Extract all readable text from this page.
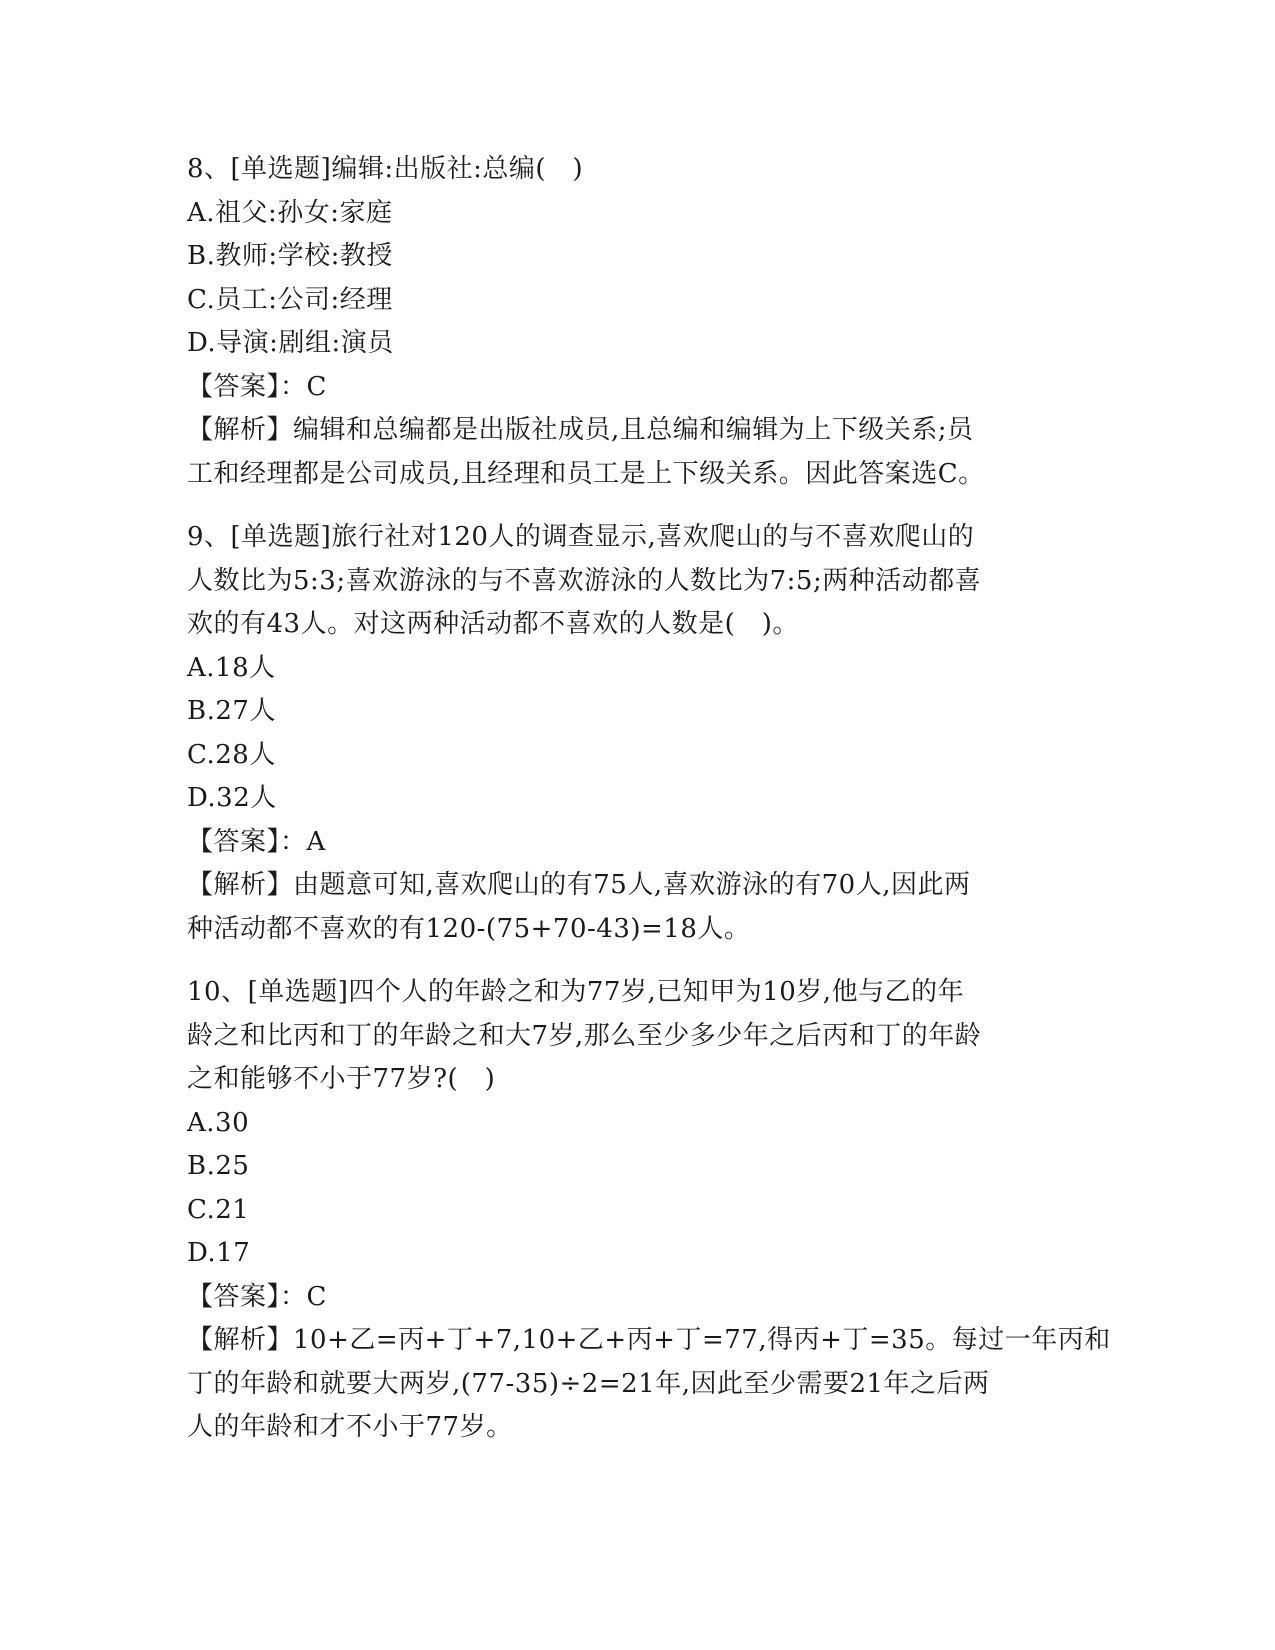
8、[单选题]编辑:出版社:总编(　)
A.祖父:孙女:家庭
B.教师:学校:教授
C.员工:公司:经理
D.导演:剧组:演员
【答案】：C
【解析】编辑和总编都是出版社成员,且总编和编辑为上下级关系;员
工和经理都是公司成员,且经理和员工是上下级关系。因此答案选C。
9、[单选题]旅行社对120人的调查显示,喜欢爬山的与不喜欢爬山的
人数比为5:3;喜欢游泳的与不喜欢游泳的人数比为7:5;两种活动都喜
欢的有43人。对这两种活动都不喜欢的人数是(　)。
A.18人
B.27人
C.28人
D.32人
【答案】：A
【解析】由题意可知,喜欢爬山的有75人,喜欢游泳的有70人,因此两
种活动都不喜欢的有120-(75+70-43)=18人。
10、[单选题]四个人的年龄之和为77岁,已知甲为10岁,他与乙的年
龄之和比丙和丁的年龄之和大7岁,那么至少多少年之后丙和丁的年龄
之和能够不小于77岁?(　)
A.30
B.25
C.21
D.17
【答案】：C
【解析】10+乙=丙+丁+7,10+乙+丙+丁=77,得丙+丁=35。每过一年丙和
丁的年龄和就要大两岁,(77-35)÷2=21年,因此至少需要21年之后两
人的年龄和才不小于77岁。
